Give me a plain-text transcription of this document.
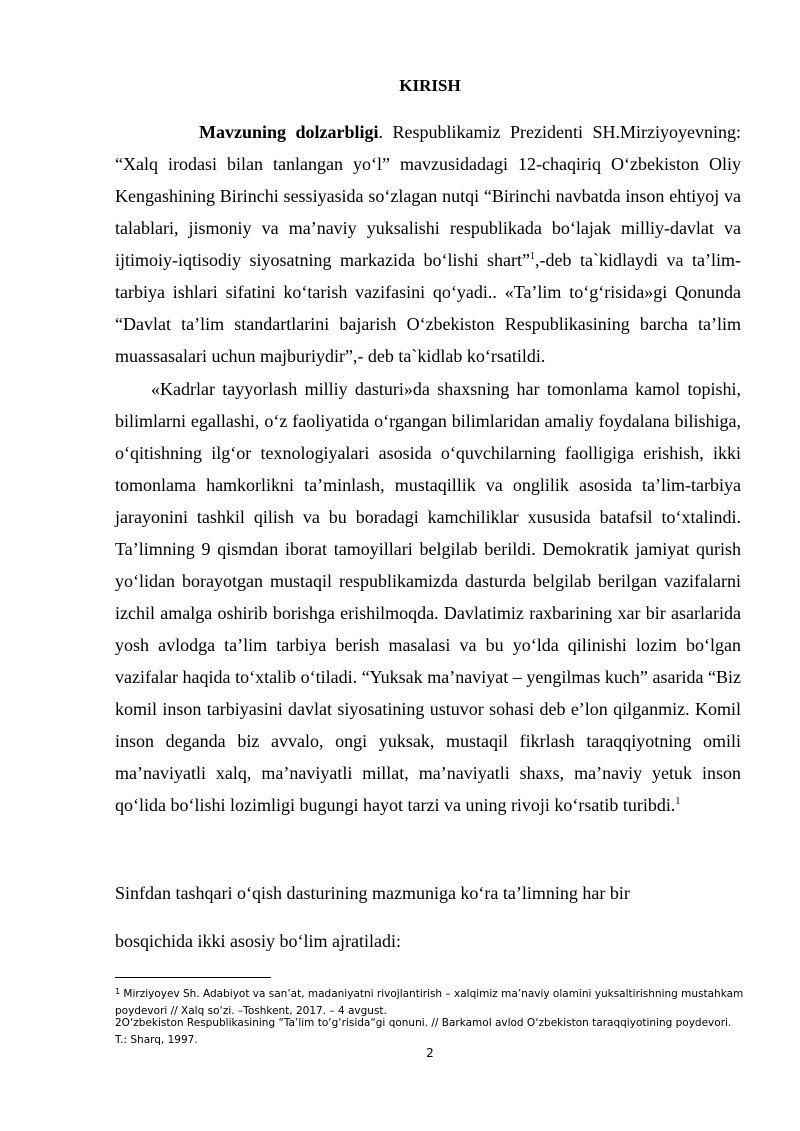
KIRISH

Mavzuning dolzarbligi. Respublikamiz Prezidenti SH.Mirziyoyevning: “Xalq irodasi bilan tanlangan yo‘l” mavzusidadagi 12-chaqiriq O‘zbekiston Oliy Kengashining Birinchi sessiyasida so‘zlagan nutqi “Birinchi navbatda inson ehtiyoj va talablari, jismoniy va ma’naviy yuksalishi respublikada bo‘lajak milliy-davlat va ijtimoiy-iqtisodiy siyosatning markazida bo‘lishi shart”$^1$,-deb ta`kidlaydi va ta’lim-tarbiya ishlari sifatini ko‘tarish vazifasini qo‘yadi.. «Ta’lim to‘g‘risida»gi Qonunda “Davlat ta’lim standartlarini bajarish O‘zbekiston Respublikasining barcha ta’lim muassasalari uchun majburiydir”,- deb ta`kidlab ko‘rsatildi.

«Kadrlar tayyorlash milliy dasturi»da shaxsning har tomonlama kamol topishi, bilimlarni egallashi, o‘z faoliyatida o‘rgangan bilimlaridan amaliy foydalana bilishiga, o‘qitishning ilg‘or texnologiyalari asosida o‘quvchilarning faolligiga erishish, ikki tomonlama hamkorlikni ta’minlash, mustaqillik va onglilik asosida ta’lim-tarbiya jarayonini tashkil qilish va bu boradagi kamchiliklar xususida batafsil to‘xtalindi. Ta’limning 9 qismdan iborat tamoyillari belgilab berildi. Demokratik jamiyat qurish yo‘lidan borayotgan mustaqil respublikamizda dasturda belgilab berilgan vazifalarni izchil amalga oshirib borishga erishilmoqda. Davlatimiz raxbarining xar bir asarlarida yosh avlodga ta’lim tarbiya berish masalasi va bu yo‘lda qilinishi lozim bo‘lgan vazifalar haqida to‘xtalib o‘tiladi. “Yuksak ma’naviyat – yengilmas kuch” asarida “Biz komil inson tarbiyasini davlat siyosatining ustuvor sohasi deb e’lon qilganmiz. Komil inson deganda biz avvalo, ongi yuksak, mustaqil fikrlash taraqqiyotning omili ma’naviyatli xalq, ma’naviyatli millat, ma’naviyatli shaxs, ma’naviy yetuk inson qo‘lida bo‘lishi lozimligi bugungi hayot tarzi va uning rivoji ko‘rsatib turibdi.$^1$

Sinfdan tashqari o‘qish dasturining mazmuniga ko‘ra ta’limning har bir

bosqichida ikki asosiy bo‘lim ajratiladi:

$^1$ Mirziyoyev Sh. Adabiyot va san’at, madaniyatni rivojlantirish – xalqimiz ma’naviy olamini yuksaltirishning mustahkam poydevori // Xalq so‘zi. –Toshkent, 2017. – 4 avgust.
2O‘zbekiston Respublikasining “Ta’lim to‘g‘risida“gi qonuni. // Barkamol avlod O‘zbekiston taraqqiyotining poydevori. T.: Sharq, 1997.
2
